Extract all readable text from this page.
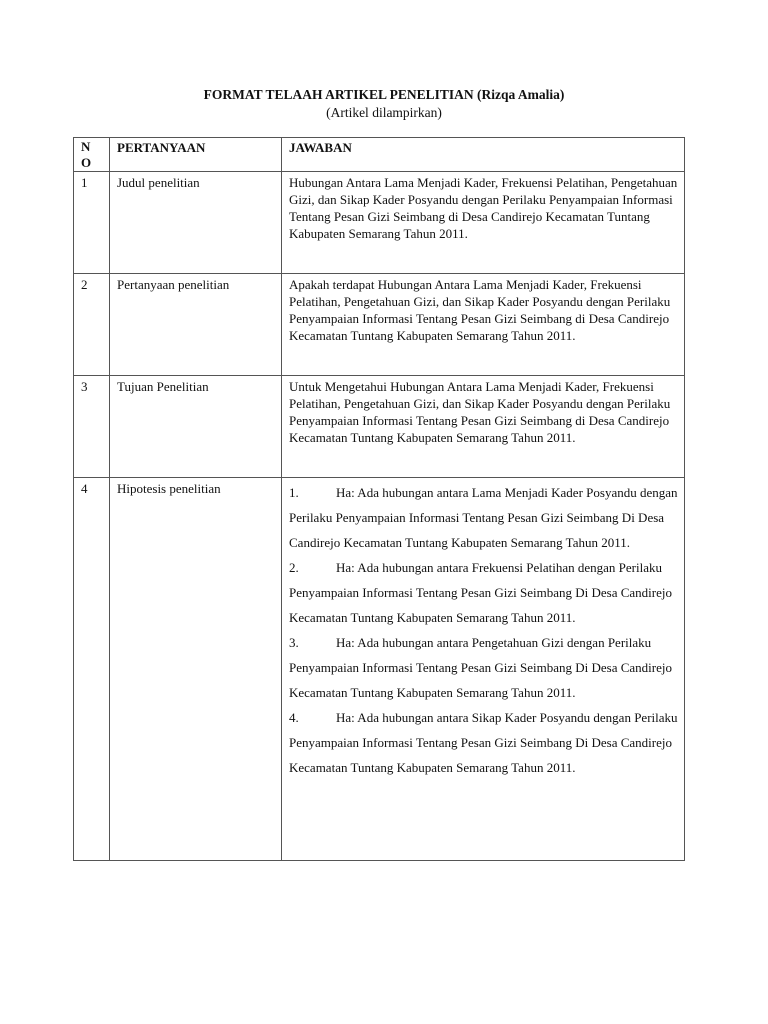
FORMAT TELAAH ARTIKEL PENELITIAN (Rizqa Amalia)
(Artikel dilampirkan)
NO	PERTANYAAN	JAWABAN
1	Judul penelitian	Hubungan Antara Lama Menjadi Kader, Frekuensi Pelatihan, Pengetahuan Gizi, dan Sikap Kader Posyandu dengan Perilaku Penyampaian Informasi Tentang Pesan Gizi Seimbang di Desa Candirejo Kecamatan Tuntang Kabupaten Semarang Tahun 2011.
2	Pertanyaan penelitian	Apakah terdapat Hubungan Antara Lama Menjadi Kader, Frekuensi Pelatihan, Pengetahuan Gizi, dan Sikap Kader Posyandu dengan Perilaku Penyampaian Informasi Tentang Pesan Gizi Seimbang di Desa Candirejo Kecamatan Tuntang Kabupaten Semarang Tahun 2011.
3	Tujuan Penelitian	Untuk Mengetahui Hubungan Antara Lama Menjadi Kader, Frekuensi Pelatihan, Pengetahuan Gizi, dan Sikap Kader Posyandu dengan Perilaku Penyampaian Informasi Tentang Pesan Gizi Seimbang di Desa Candirejo Kecamatan Tuntang Kabupaten Semarang Tahun 2011.
4	Hipotesis penelitian	1. Ha: Ada hubungan antara Lama Menjadi Kader Posyandu dengan Perilaku Penyampaian Informasi Tentang Pesan Gizi Seimbang Di Desa Candirejo Kecamatan Tuntang Kabupaten Semarang Tahun 2011.
2. Ha: Ada hubungan antara Frekuensi Pelatihan dengan Perilaku Penyampaian Informasi Tentang Pesan Gizi Seimbang Di Desa Candirejo Kecamatan Tuntang Kabupaten Semarang Tahun 2011.
3. Ha: Ada hubungan antara Pengetahuan Gizi dengan Perilaku Penyampaian Informasi Tentang Pesan Gizi Seimbang Di Desa Candirejo Kecamatan Tuntang Kabupaten Semarang Tahun 2011.
4. Ha: Ada hubungan antara Sikap Kader Posyandu dengan Perilaku Penyampaian Informasi Tentang Pesan Gizi Seimbang Di Desa Candirejo Kecamatan Tuntang Kabupaten Semarang Tahun 2011.
